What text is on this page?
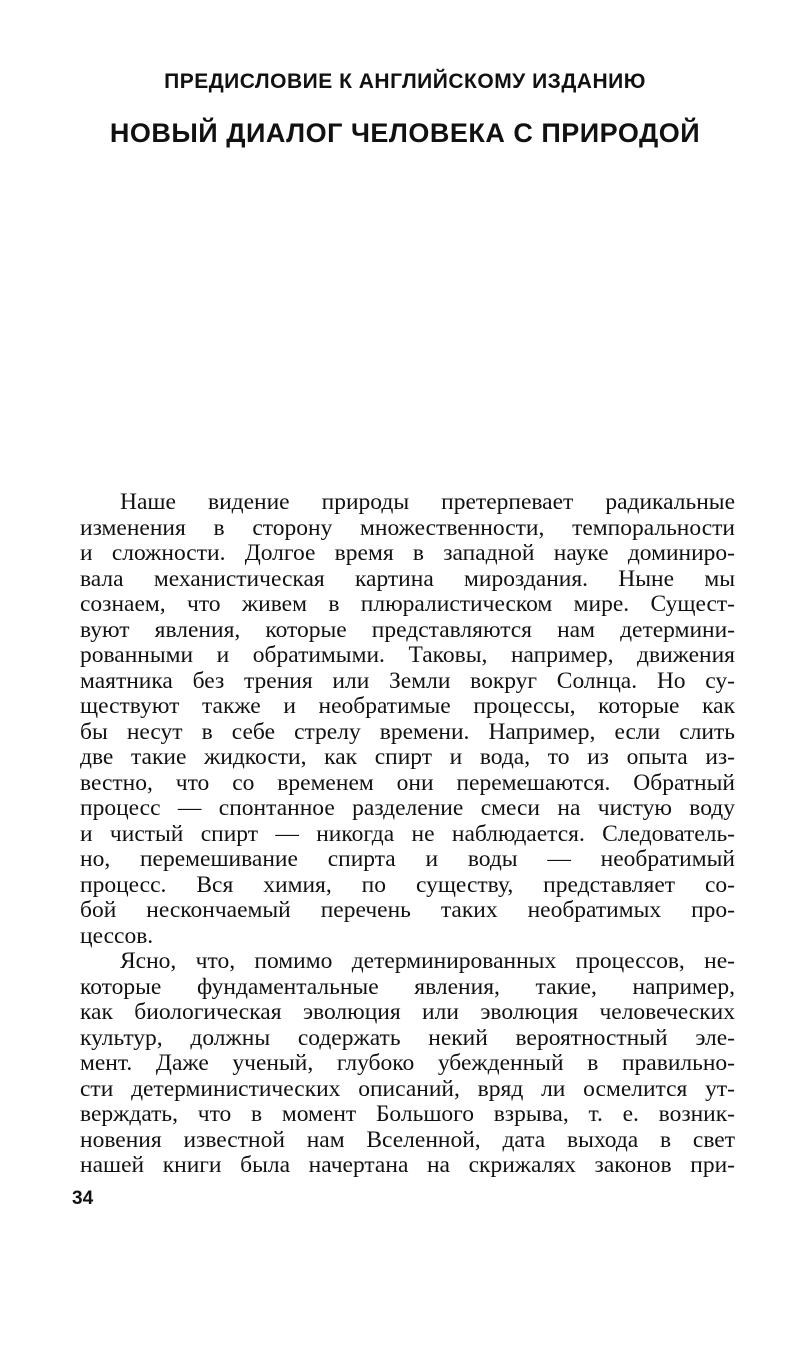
ПРЕДИСЛОВИЕ К АНГЛИЙСКОМУ ИЗДАНИЮ
НОВЫЙ ДИАЛОГ ЧЕЛОВЕКА С ПРИРОДОЙ

Наше видение природы претерпевает радикальные
изменения в сторону множественности, темпоральности
и сложности. Долгое время в западной науке доминиро-
вала механистическая картина мироздания. Ныне мы
сознаем, что живем в плюралистическом мире. Сущест-
вуют явления, которые представляются нам детермини-
рованными и обратимыми. Таковы, например, движения
маятника без трения или Земли вокруг Солнца. Но су-
ществуют также и необратимые процессы, которые как
бы несут в себе стрелу времени. Например, если слить
две такие жидкости, как спирт и вода, то из опыта из-
вестно, что со временем они перемешаются. Обратный
процесс — спонтанное разделение смеси на чистую воду
и чистый спирт — никогда не наблюдается. Следователь-
но, перемешивание спирта и воды — необратимый
процесс. Вся химия, по существу, представляет со-
бой нескончаемый перечень таких необратимых про-
цессов.

Ясно, что, помимо детерминированных процессов, не-
которые фундаментальные явления, такие, например,
как биологическая эволюция или эволюция человеческих
культур, должны содержать некий вероятностный эле-
мент. Даже ученый, глубоко убежденный в правильно-
сти детерминистических описаний, вряд ли осмелится ут-
верждать, что в момент Большого взрыва, т. е. возник-
новения известной нам Вселенной, дата выхода в свет
нашей книги была начертана на скрижалях законов при-

34
